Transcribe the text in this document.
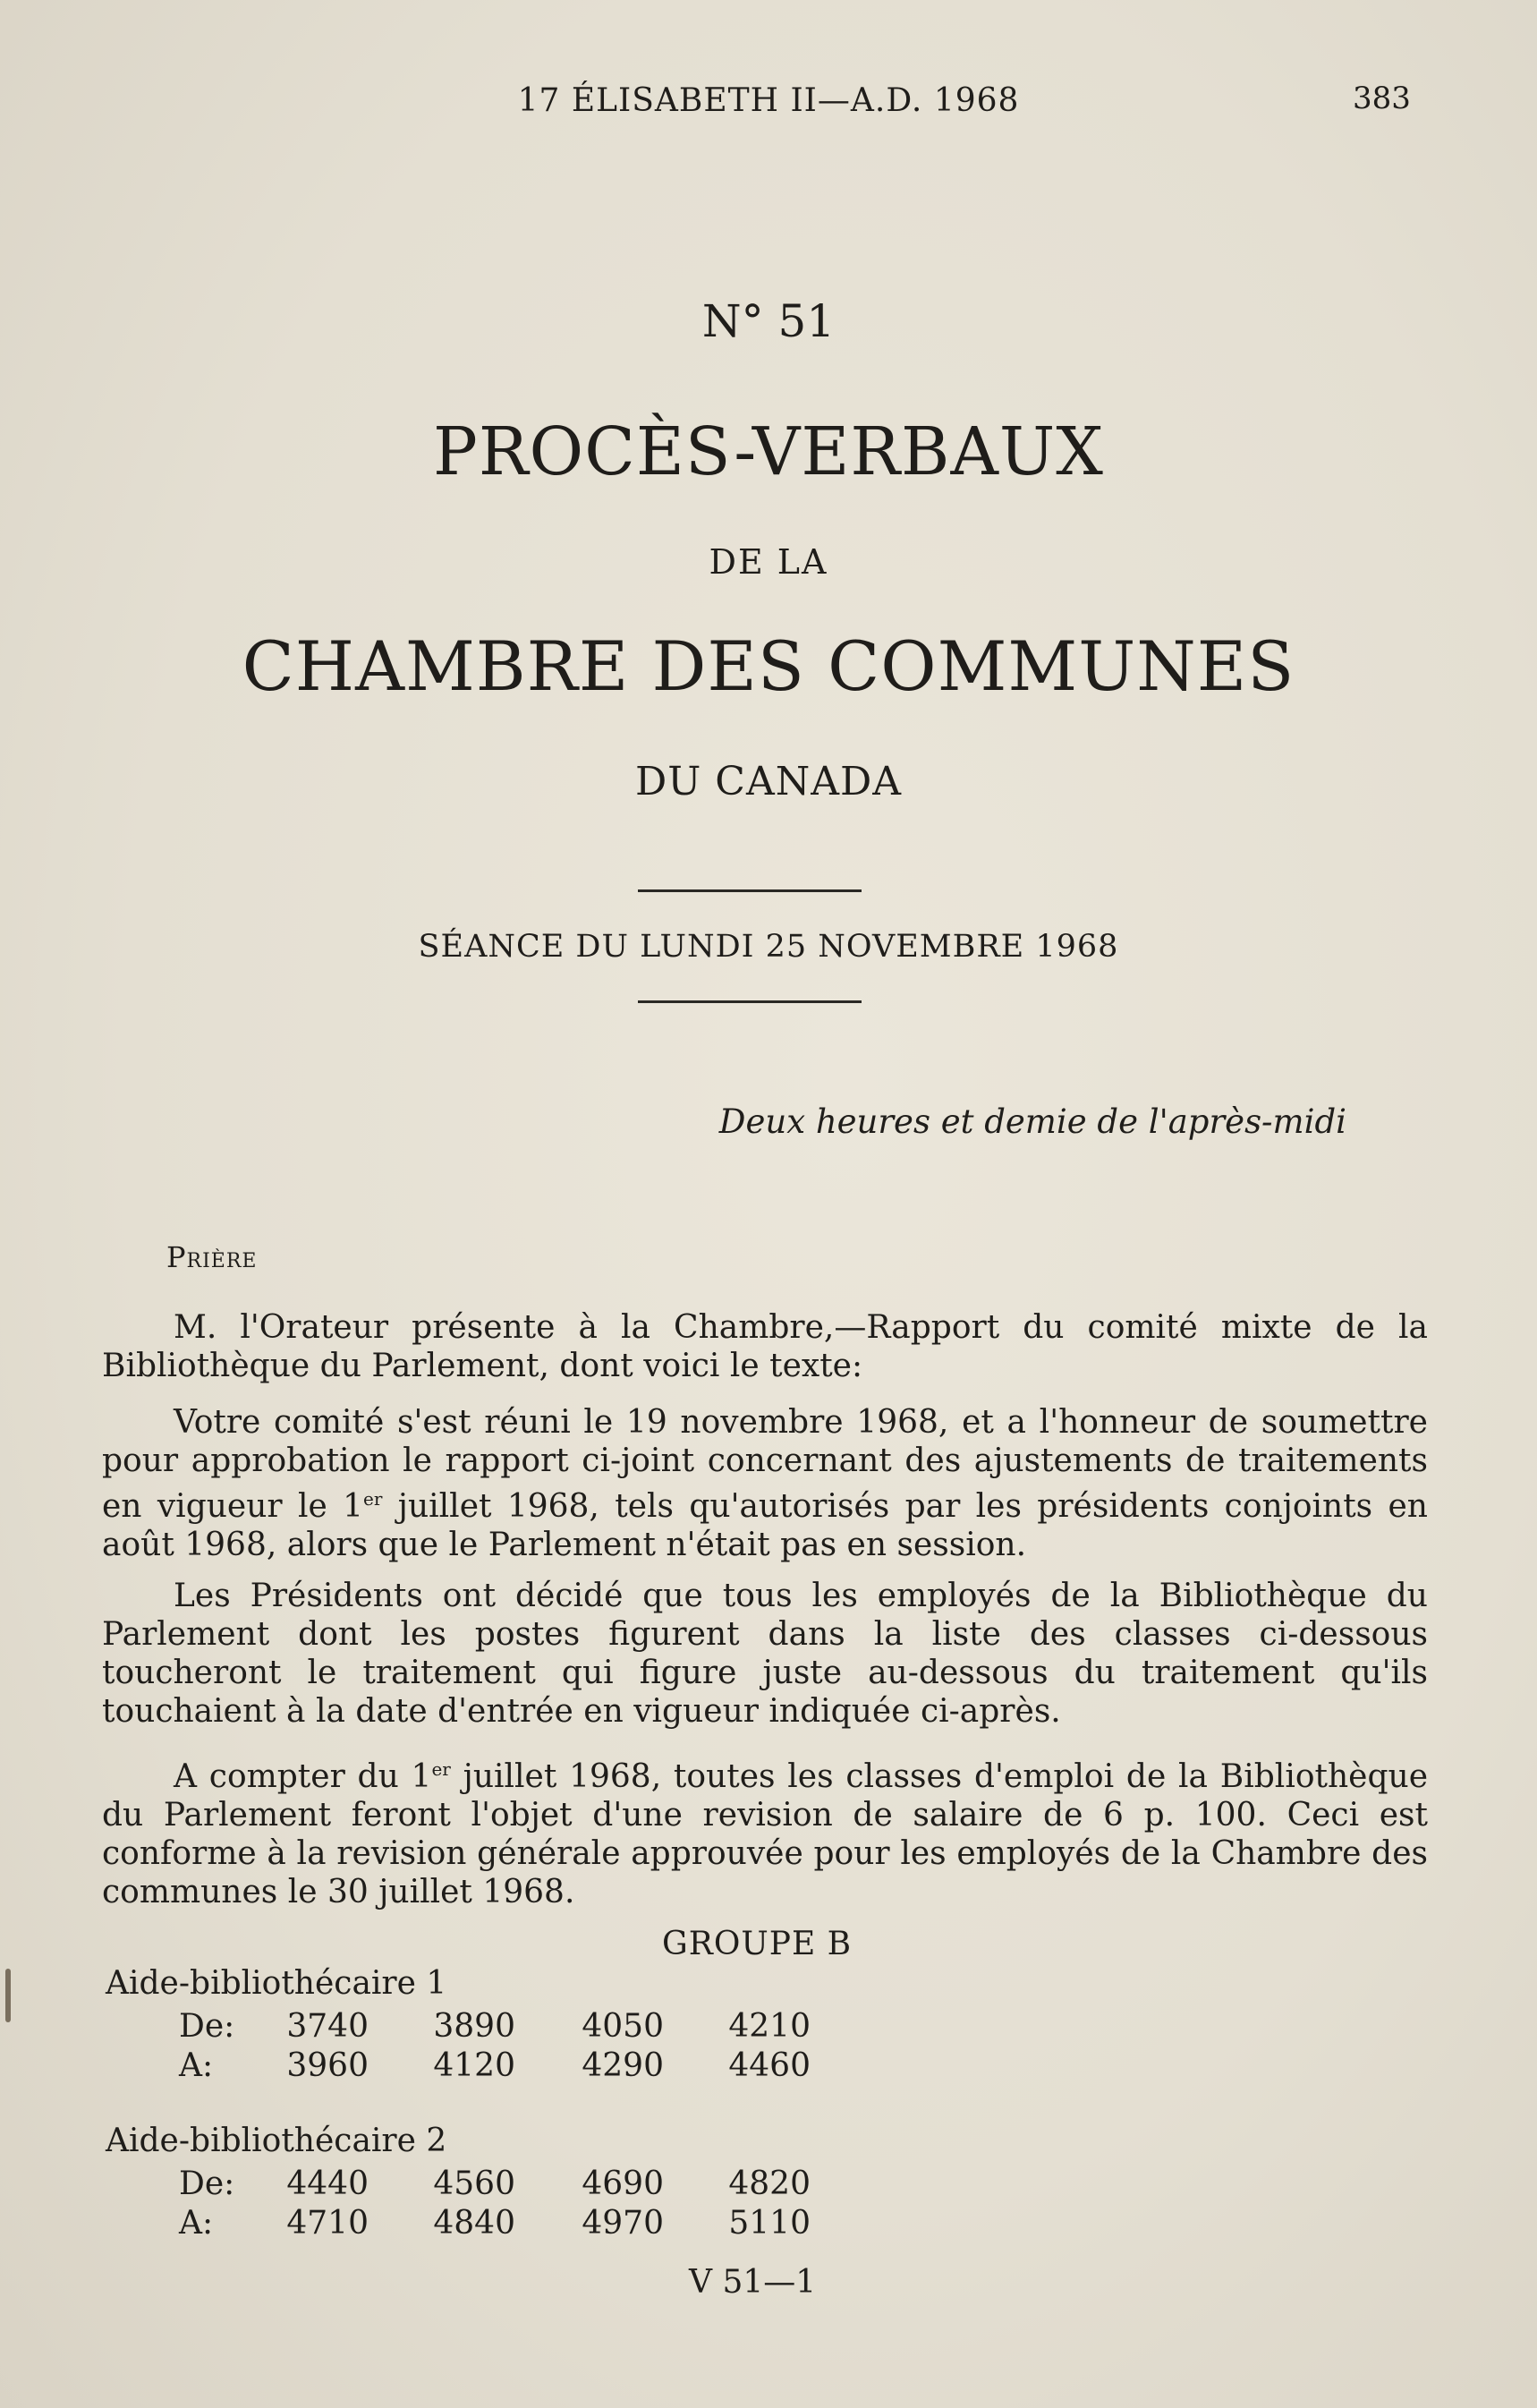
17 ÉLISABETH II—A.D. 1968	383
N° 51
PROCÈS-VERBAUX
DE LA
CHAMBRE DES COMMUNES
DU CANADA
SÉANCE DU LUNDI 25 NOVEMBRE 1968
Deux heures et demie de l'après-midi
Prière

M. l'Orateur présente à la Chambre,—Rapport du comité mixte de la Bibliothèque du Parlement, dont voici le texte:

Votre comité s'est réuni le 19 novembre 1968, et a l'honneur de soumettre pour approbation le rapport ci-joint concernant des ajustements de traitements en vigueur le 1er juillet 1968, tels qu'autorisés par les présidents conjoints en août 1968, alors que le Parlement n'était pas en session.

Les Présidents ont décidé que tous les employés de la Bibliothèque du Parlement dont les postes figurent dans la liste des classes ci-dessous toucheront le traitement qui figure juste au-dessous du traitement qu'ils touchaient à la date d'entrée en vigueur indiquée ci-après.

A compter du 1er juillet 1968, toutes les classes d'emploi de la Bibliothèque du Parlement feront l'objet d'une revision de salaire de 6 p. 100. Ceci est conforme à la revision générale approuvée pour les employés de la Chambre des communes le 30 juillet 1968.

GROUPE B
Aide-bibliothécaire 1
De:	3740	3890	4050	4210
A:	3960	4120	4290	4460
Aide-bibliothécaire 2
De:	4440	4560	4690	4820
A:	4710	4840	4970	5110
V 51—1
